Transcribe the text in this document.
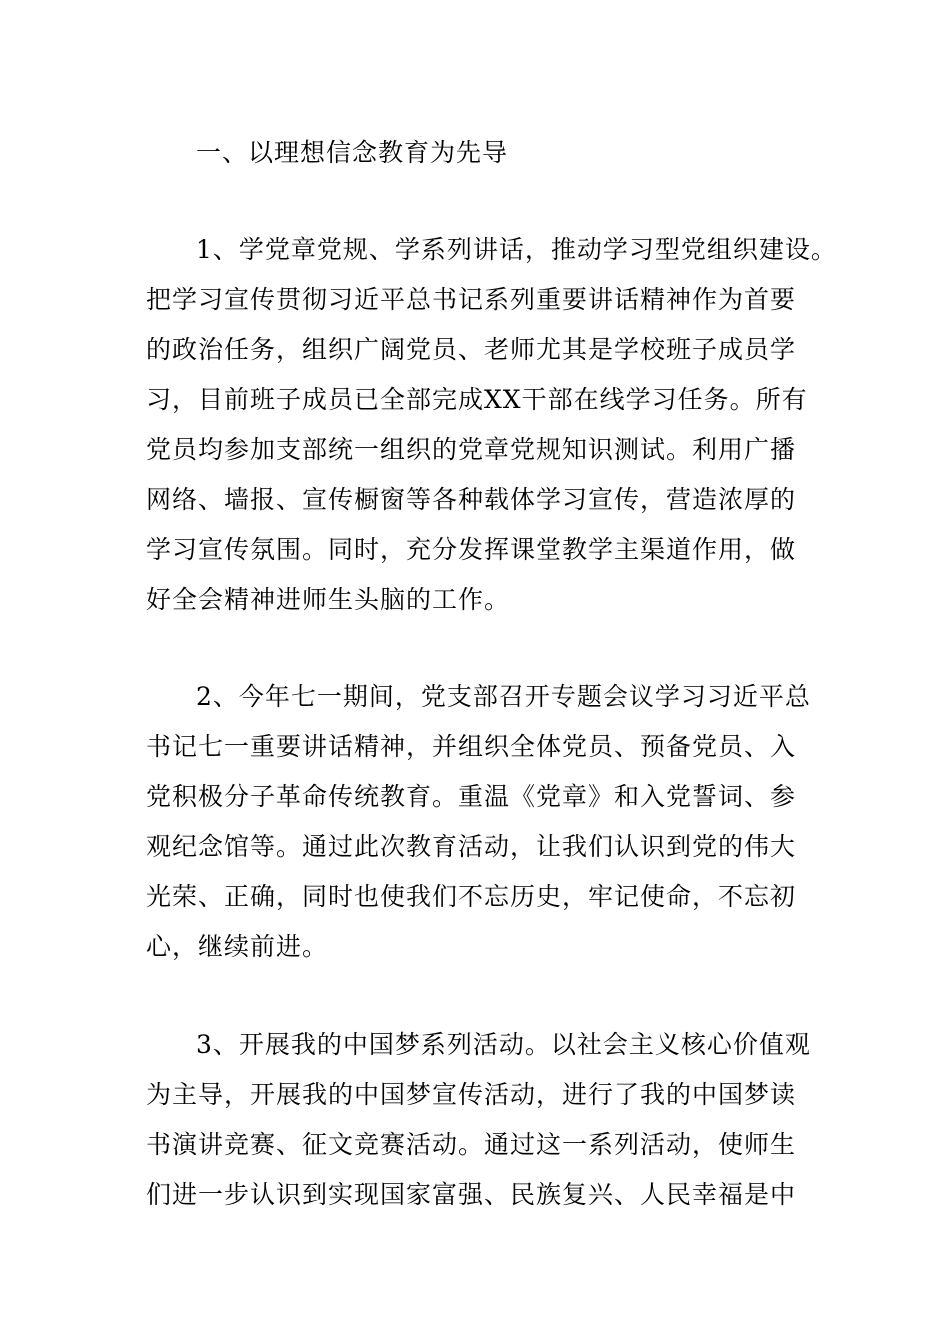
一、以理想信念教育为先导
1、学党章党规、学系列讲话，推动学习型党组织建设。
把学习宣传贯彻习近平总书记系列重要讲话精神作为首要
的政治任务，组织广阔党员、老师尤其是学校班子成员学
习，目前班子成员已全部完成XX干部在线学习任务。所有
党员均参加支部统一组织的党章党规知识测试。利用广播
网络、墙报、宣传橱窗等各种载体学习宣传，营造浓厚的
学习宣传氛围。同时，充分发挥课堂教学主渠道作用，做
好全会精神进师生头脑的工作。
2、今年七一期间，党支部召开专题会议学习习近平总
书记七一重要讲话精神，并组织全体党员、预备党员、入
党积极分子革命传统教育。重温《党章》和入党誓词、参
观纪念馆等。通过此次教育活动，让我们认识到党的伟大
光荣、正确，同时也使我们不忘历史，牢记使命，不忘初
心，继续前进。
3、开展我的中国梦系列活动。以社会主义核心价值观
为主导，开展我的中国梦宣传活动，进行了我的中国梦读
书演讲竞赛、征文竞赛活动。通过这一系列活动，使师生
们进一步认识到实现国家富强、民族复兴、人民幸福是中
